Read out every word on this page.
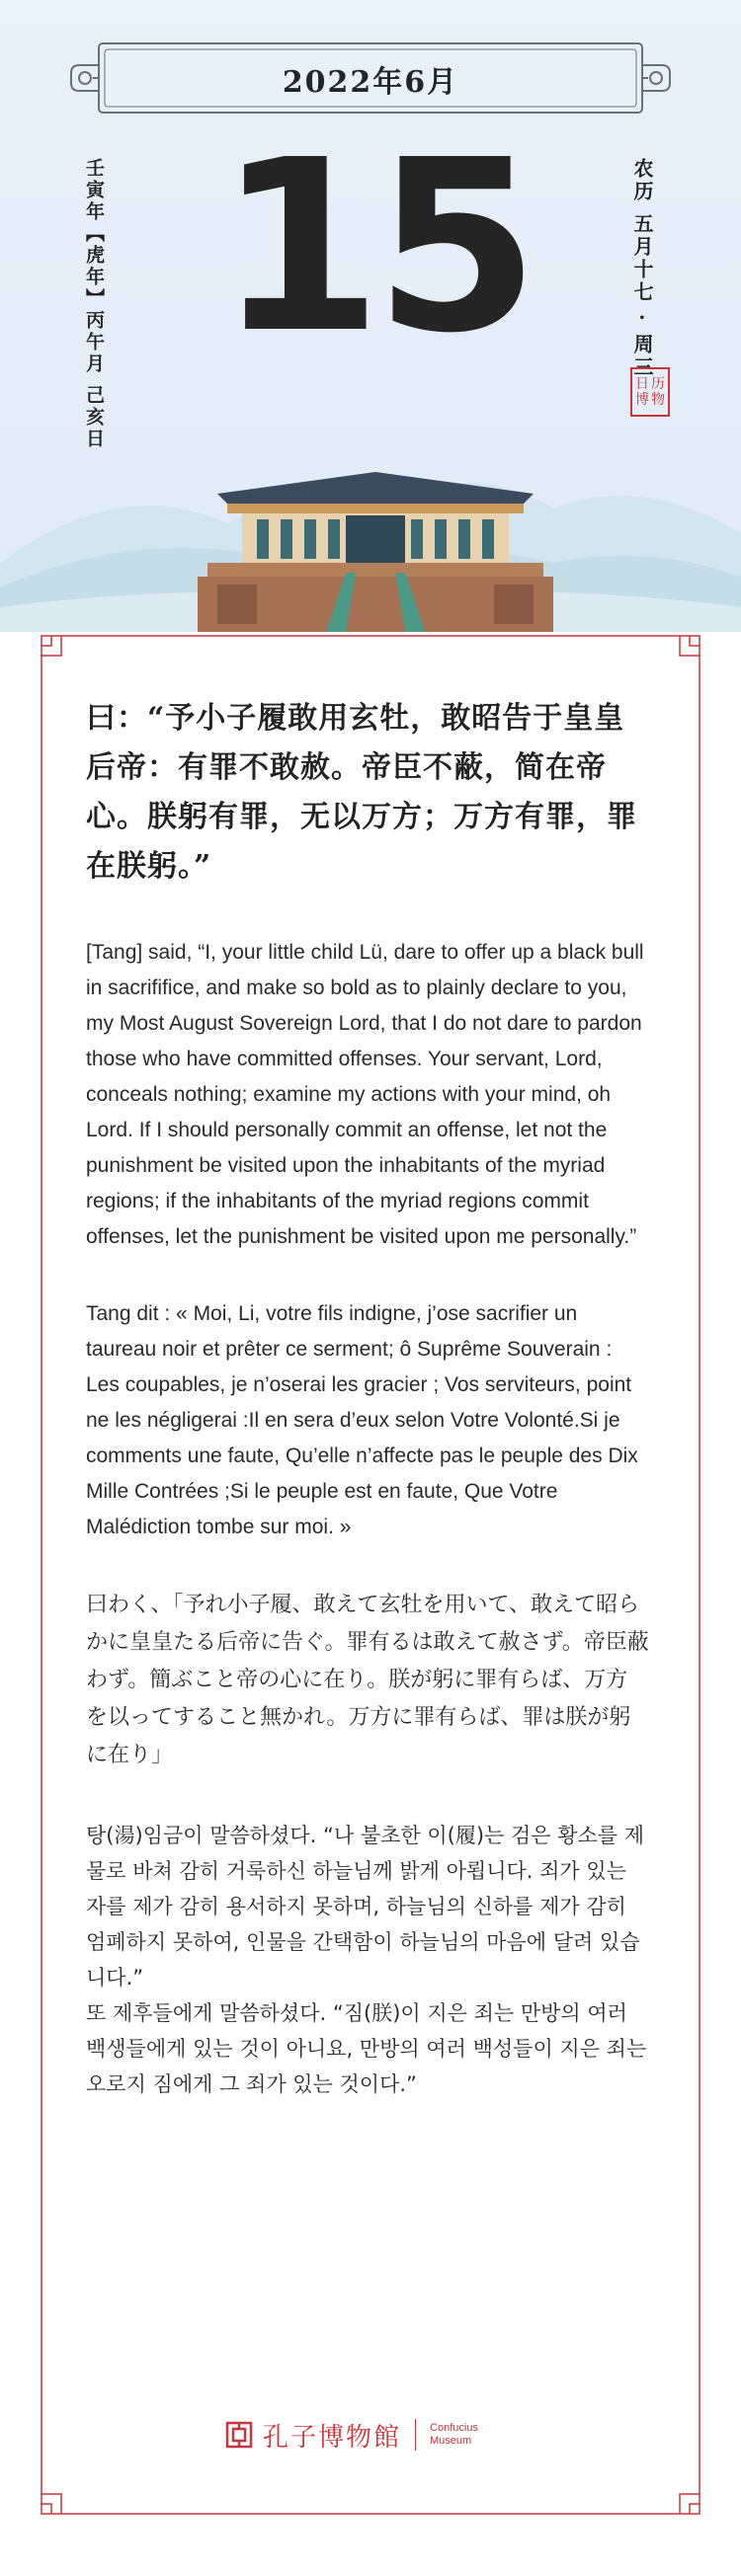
2022年6月
壬寅年【虎年】丙午月 己亥日 15	农历 五月十七 · 周三
日 历
博 物

曰：“予小子履敢用玄牡，敢昭告于皇皇后帝：有罪不敢赦。帝臣不蔽，简在帝心。朕躬有罪，无以万方；万方有罪，罪在朕躬。”

[Tang] said, “I, your little child Lü, dare to offer up a black bull in sacrifificе, and make so bold as to plainly declare to you, my Most August Sovereign Lord, that I do not dare to pardon those who have committed offenses. Your servant, Lord, conceals nothing; examine my actions with your mind, oh Lord. If I should personally commit an offense, let not the punishment be visited upon the inhabitants of the myriad regions; if the inhabitants of the myriad regions commit offenses, let the punishment be visited upon me personally.”

Tang dit : « Moi, Li, votre fils indigne, j’ose sacrifier un taureau noir et prêter ce serment; ô Suprême Souverain : Les coupables, je n’oserai les gracier ; Vos serviteurs, point ne les négligerai :Il en sera d’eux selon Votre Volonté.Si je comments une faute, Qu’elle n’affecte pas le peuple des Dix Mille Contrées ;Si le peuple est en faute, Que Votre Malédiction tombe sur moi. »

曰わく、「予れ小子履、敢えて玄牡を用いて、敢えて昭らかに皇皇たる后帝に告ぐ。罪有るは敢えて赦さず。帝臣蔽わず。簡ぶこと帝の心に在り。朕が躬に罪有らば、万方を以ってすること無かれ。万方に罪有らば、罪は朕が躬に在り」

탕(湯)임금이 말씀하셨다. “나 불초한 이(履)는 검은 황소를 제물로 바쳐 감히 거룩하신 하늘님께 밝게 아룁니다. 죄가 있는 자를 제가 감히 용서하지 못하며, 하늘님의 신하를 제가 감히 엄폐하지 못하여, 인물을 간택함이 하늘님의 마음에 달려 있습니다.”
또 제후들에게 말씀하셨다. “짐(朕)이 지은 죄는 만방의 여러 백생들에게 있는 것이 아니요, 만방의 여러 백성들이 지은 죄는 오로지 짐에게 그 죄가 있는 것이다.”

孔子博物館	Confucius
Museum
